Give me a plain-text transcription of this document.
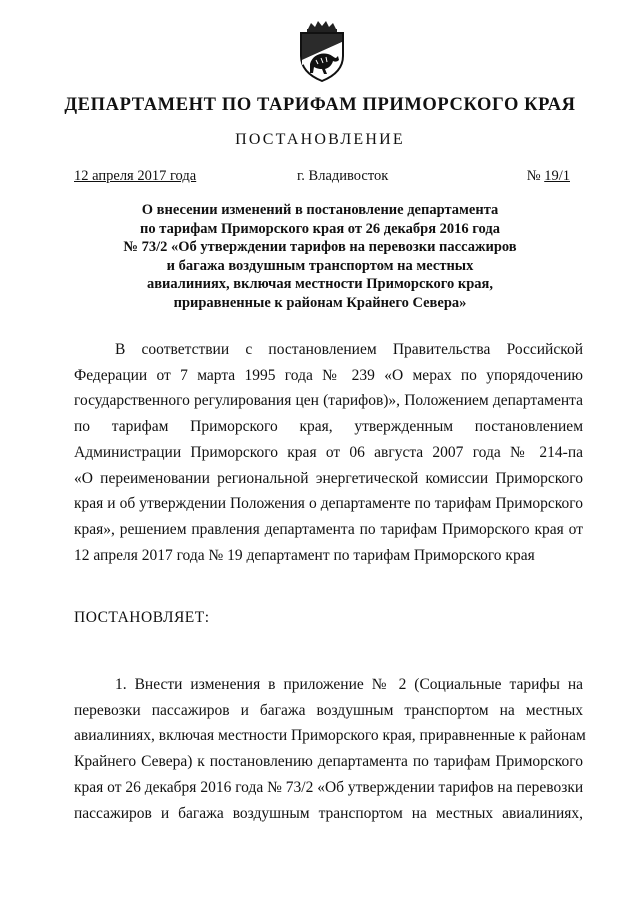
ДЕПАРТАМЕНТ ПО ТАРИФАМ ПРИМОРСКОГО КРАЯ
ПОСТАНОВЛЕНИЕ
12 апреля 2017 года	г. Владивосток	№ 19/1
О внесении изменений в постановление департамента
по тарифам Приморского края от 26 декабря 2016 года
№ 73/2 «Об утверждении тарифов на перевозки пассажиров
и багажа воздушным транспортом на местных
авиалиниях, включая местности Приморского края,
приравненные к районам Крайнего Севера»
В соответствии с постановлением Правительства Российской
Федерации от 7 марта 1995 года № 239 «О мерах по упорядочению
государственного регулирования цен (тарифов)», Положением департамента
по тарифам Приморского края, утвержденным постановлением
Администрации Приморского края от 06 августа 2007 года № 214-па
«О переименовании региональной энергетической комиссии Приморского
края и об утверждении Положения о департаменте по тарифам Приморского
края», решением правления департамента по тарифам Приморского края от
12 апреля 2017 года № 19 департамент по тарифам Приморского края
ПОСТАНОВЛЯЕТ:
1. Внести изменения в приложение № 2 (Социальные тарифы на
перевозки пассажиров и багажа воздушным транспортом на местных
авиалиниях, включая местности Приморского края, приравненные к районам
Крайнего Севера) к постановлению департамента по тарифам Приморского
края от 26 декабря 2016 года № 73/2 «Об утверждении тарифов на перевозки
пассажиров и багажа воздушным транспортом на местных авиалиниях,
